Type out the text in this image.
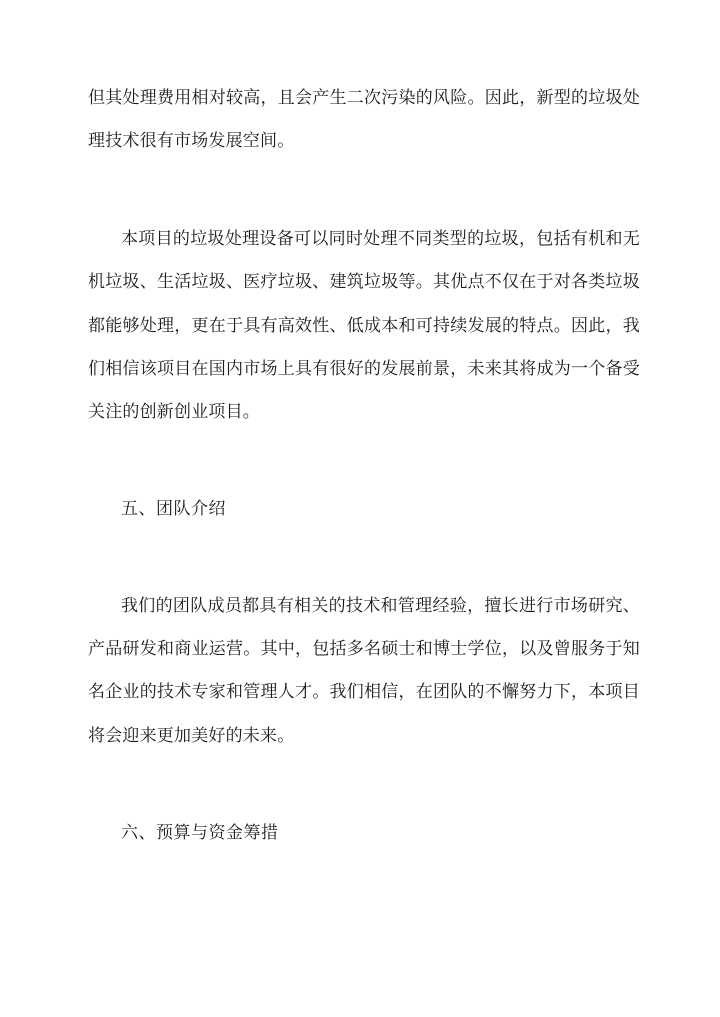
但其处理费用相对较高，且会产生二次污染的风险。因此，新型的垃圾处
理技术很有市场发展空间。
本项目的垃圾处理设备可以同时处理不同类型的垃圾，包括有机和无
机垃圾、生活垃圾、医疗垃圾、建筑垃圾等。其优点不仅在于对各类垃圾
都能够处理，更在于具有高效性、低成本和可持续发展的特点。因此，我
们相信该项目在国内市场上具有很好的发展前景，未来其将成为一个备受
关注的创新创业项目。
五、团队介绍
我们的团队成员都具有相关的技术和管理经验，擅长进行市场研究、
产品研发和商业运营。其中，包括多名硕士和博士学位，以及曾服务于知
名企业的技术专家和管理人才。我们相信，在团队的不懈努力下，本项目
将会迎来更加美好的未来。
六、预算与资金筹措
